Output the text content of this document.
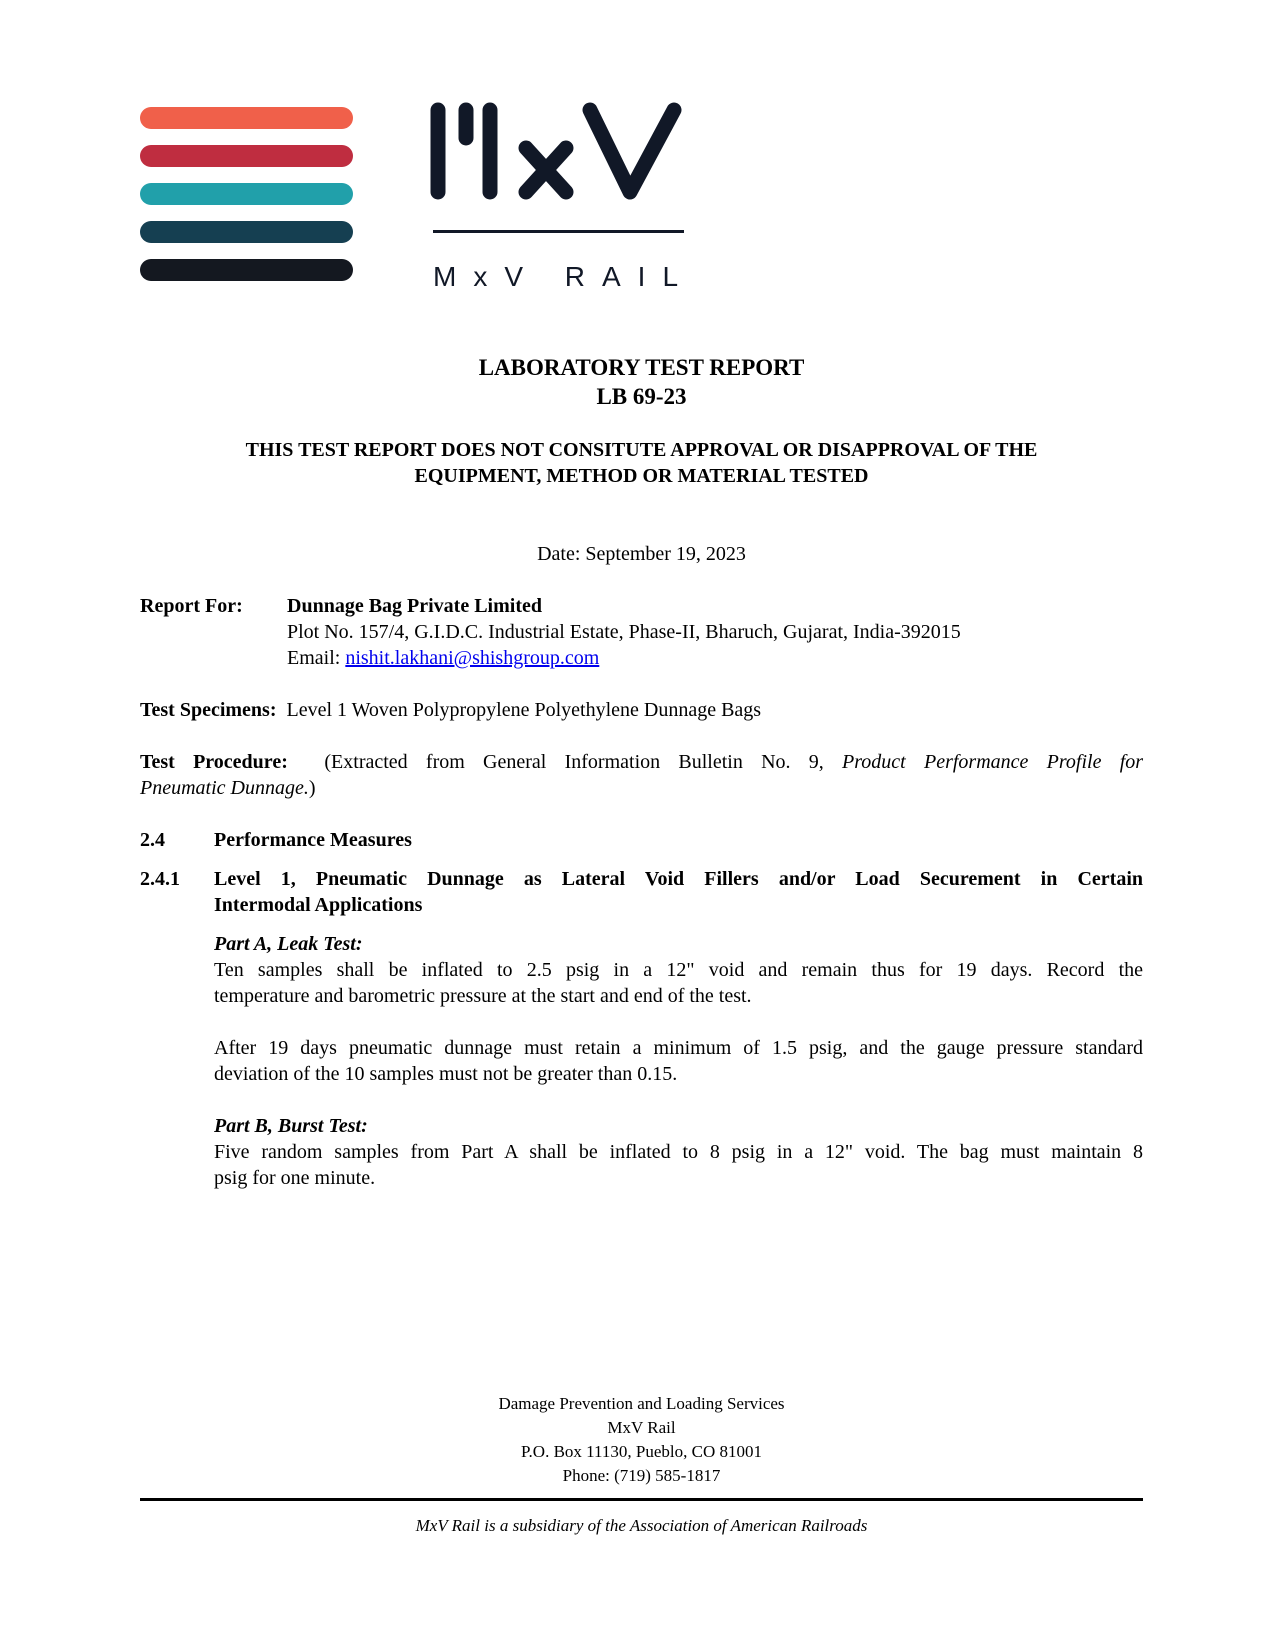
MxV RAIL
LABORATORY TEST REPORT
LB 69-23
THIS TEST REPORT DOES NOT CONSITUTE APPROVAL OR DISAPPROVAL OF THE
EQUIPMENT, METHOD OR MATERIAL TESTED
Date: September 19, 2023
Report For: Dunnage Bag Private Limited
Plot No. 157/4, G.I.D.C. Industrial Estate, Phase-II, Bharuch, Gujarat, India-392015
Email: nishit.lakhani@shishgroup.com
Test Specimens: Level 1 Woven Polypropylene Polyethylene Dunnage Bags
Test Procedure: (Extracted from General Information Bulletin No. 9, Product Performance Profile for
Pneumatic Dunnage.)
2.4 Performance Measures
2.4.1 Level 1, Pneumatic Dunnage as Lateral Void Fillers and/or Load Securement in Certain
Intermodal Applications
Part A, Leak Test:
Ten samples shall be inflated to 2.5 psig in a 12" void and remain thus for 19 days. Record the
temperature and barometric pressure at the start and end of the test.
After 19 days pneumatic dunnage must retain a minimum of 1.5 psig, and the gauge pressure standard
deviation of the 10 samples must not be greater than 0.15.
Part B, Burst Test:
Five random samples from Part A shall be inflated to 8 psig in a 12" void. The bag must maintain 8
psig for one minute.
Damage Prevention and Loading Services
MxV Rail
P.O. Box 11130, Pueblo, CO 81001
Phone: (719) 585-1817
MxV Rail is a subsidiary of the Association of American Railroads
